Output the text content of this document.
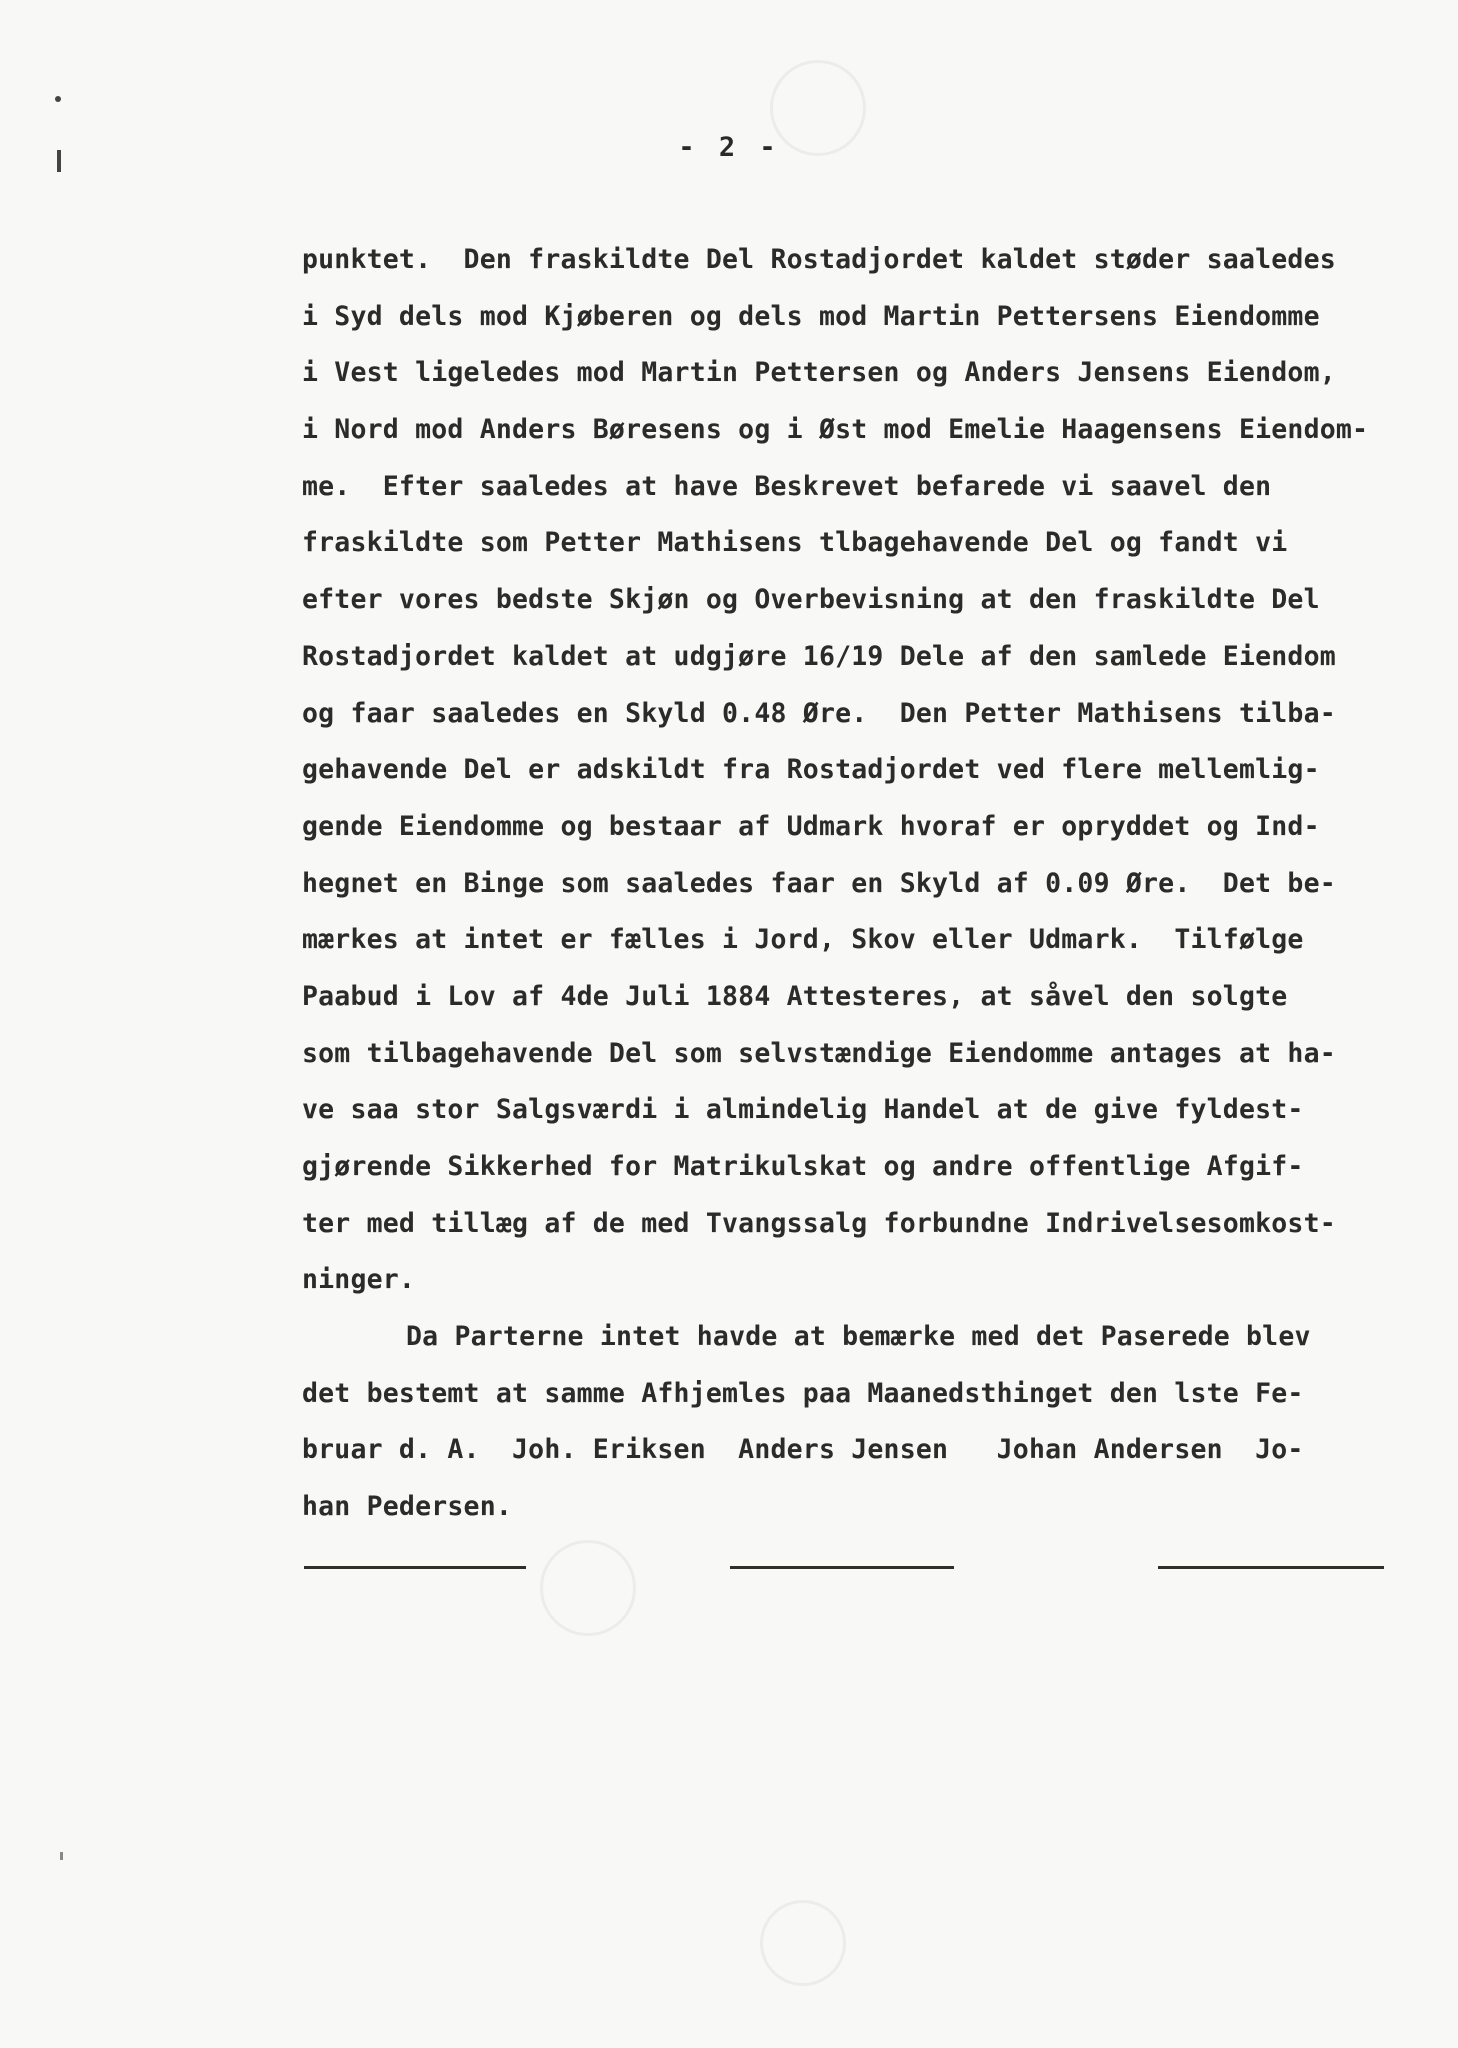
- 2 -
punktet.  Den fraskildte Del Rostadjordet kaldet støder saaledes
i Syd dels mod Kjøberen og dels mod Martin Pettersens Eiendomme
i Vest ligeledes mod Martin Pettersen og Anders Jensens Eiendom,
i Nord mod Anders Børesens og i Øst mod Emelie Haagensens Eiendom-
me.  Efter saaledes at have Beskrevet befarede vi saavel den
fraskildte som Petter Mathisens tlbagehavende Del og fandt vi
efter vores bedste Skjøn og Overbevisning at den fraskildte Del
Rostadjordet kaldet at udgjøre 16/19 Dele af den samlede Eiendom
og faar saaledes en Skyld 0.48 Øre.  Den Petter Mathisens tilba-
gehavende Del er adskildt fra Rostadjordet ved flere mellemlig-
gende Eiendomme og bestaar af Udmark hvoraf er opryddet og Ind-
hegnet en Binge som saaledes faar en Skyld af 0.09 Øre.  Det be-
mærkes at intet er fælles i Jord, Skov eller Udmark.  Tilfølge
Paabud i Lov af 4de Juli 1884 Attesteres, at såvel den solgte
som tilbagehavende Del som selvstændige Eiendomme antages at ha-
ve saa stor Salgsværdi i almindelig Handel at de give fyldest-
gjørende Sikkerhed for Matrikulskat og andre offentlige Afgif-
ter med tillæg af de med Tvangssalg forbundne Indrivelsesomkost-
ninger.
Da Parterne intet havde at bemærke med det Paserede blev
det bestemt at samme Afhjemles paa Maanedsthinget den lste Fe-
bruar d. A.  Joh. Eriksen  Anders Jensen   Johan Andersen  Jo-
han Pedersen.
